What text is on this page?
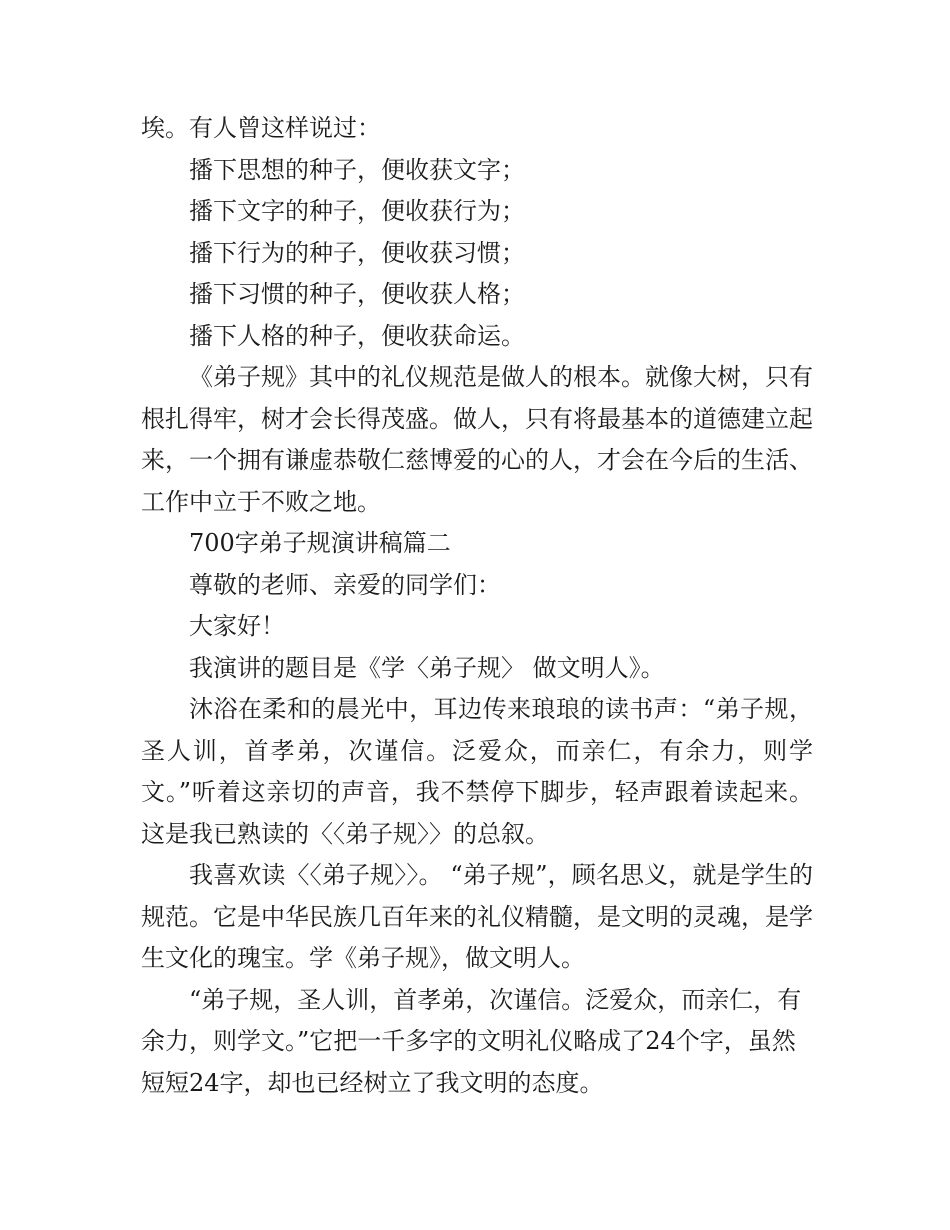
埃。有人曾这样说过：

播下思想的种子，便收获文字；

播下文字的种子，便收获行为；

播下行为的种子，便收获习惯；

播下习惯的种子，便收获人格；

播下人格的种子，便收获命运。

《弟子规》其中的礼仪规范是做人的根本。就像大树，只有根扎得牢，树才会长得茂盛。做人，只有将最基本的道德建立起来，一个拥有谦虚恭敬仁慈博爱的心的人，才会在今后的生活、工作中立于不败之地。

700字弟子规演讲稿篇二

尊敬的老师、亲爱的同学们：

大家好！

我演讲的题目是《学〈弟子规〉 做文明人》。

沐浴在柔和的晨光中，耳边传来琅琅的读书声：“弟子规，圣人训，首孝弟，次谨信。泛爱众，而亲仁，有余力，则学文。”听着这亲切的声音，我不禁停下脚步，轻声跟着读起来。这是我已熟读的〈〈弟子规〉〉的总叙。

我喜欢读〈〈弟子规〉〉。 “弟子规”，顾名思义，就是学生的规范。它是中华民族几百年来的礼仪精髓，是文明的灵魂，是学生文化的瑰宝。学《弟子规》，做文明人。

“弟子规，圣人训，首孝弟，次谨信。泛爱众，而亲仁，有余力，则学文。”它把一千多字的文明礼仪略成了24个字，虽然短短24字，却也已经树立了我文明的态度。
